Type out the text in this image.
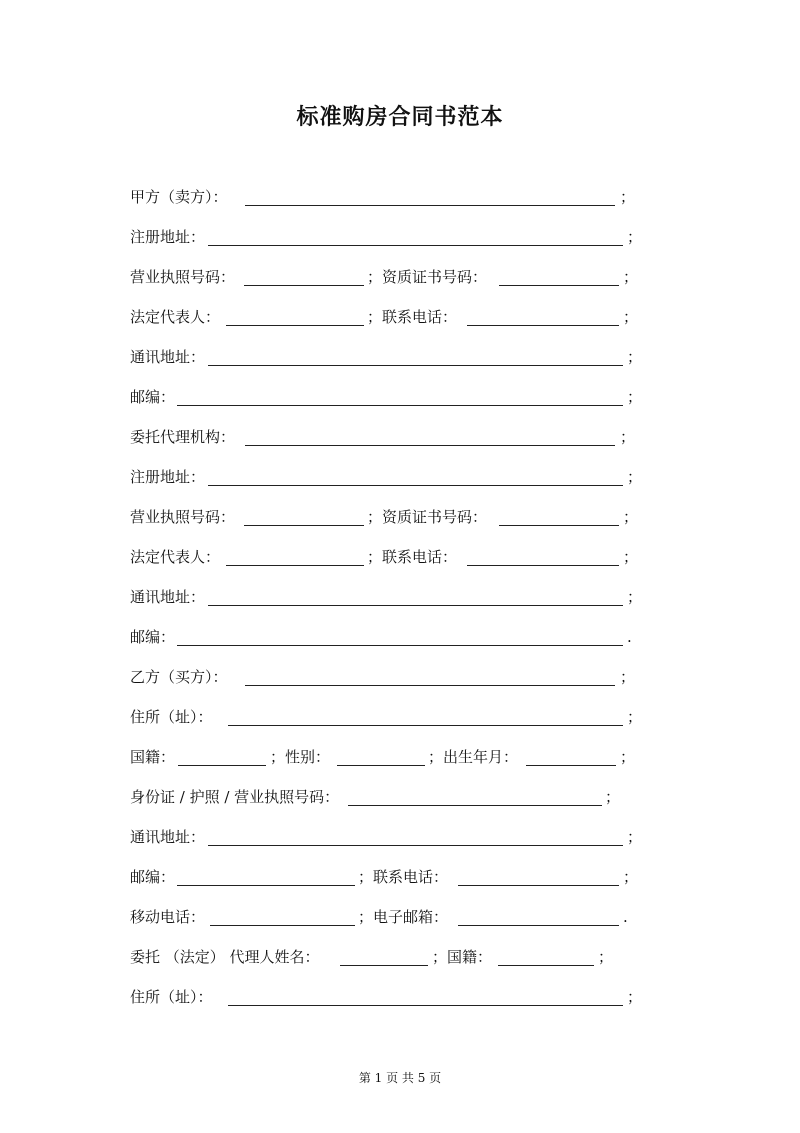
标准购房合同书范本
甲方（卖方）：	；
注册地址：	；
营业执照号码：	；资质证书号码：	；
法定代表人：	；联系电话：	；
通讯地址：	；
邮编：	；
委托代理机构：	；
注册地址：	；
营业执照号码：	；资质证书号码：	；
法定代表人：	；联系电话：	；
通讯地址：	；
邮编：	.
乙方（买方）：	；
住所（址）：	；
国籍：	；性别：	；出生年月：	；
身份证 / 护照 / 营业执照号码：	；
通讯地址：	；
邮编：	；联系电话：	；
移动电话：	；电子邮箱：	.
委托 （法定） 代理人姓名：	；国籍：	；
住所（址）：	；
第 1 页 共 5 页
